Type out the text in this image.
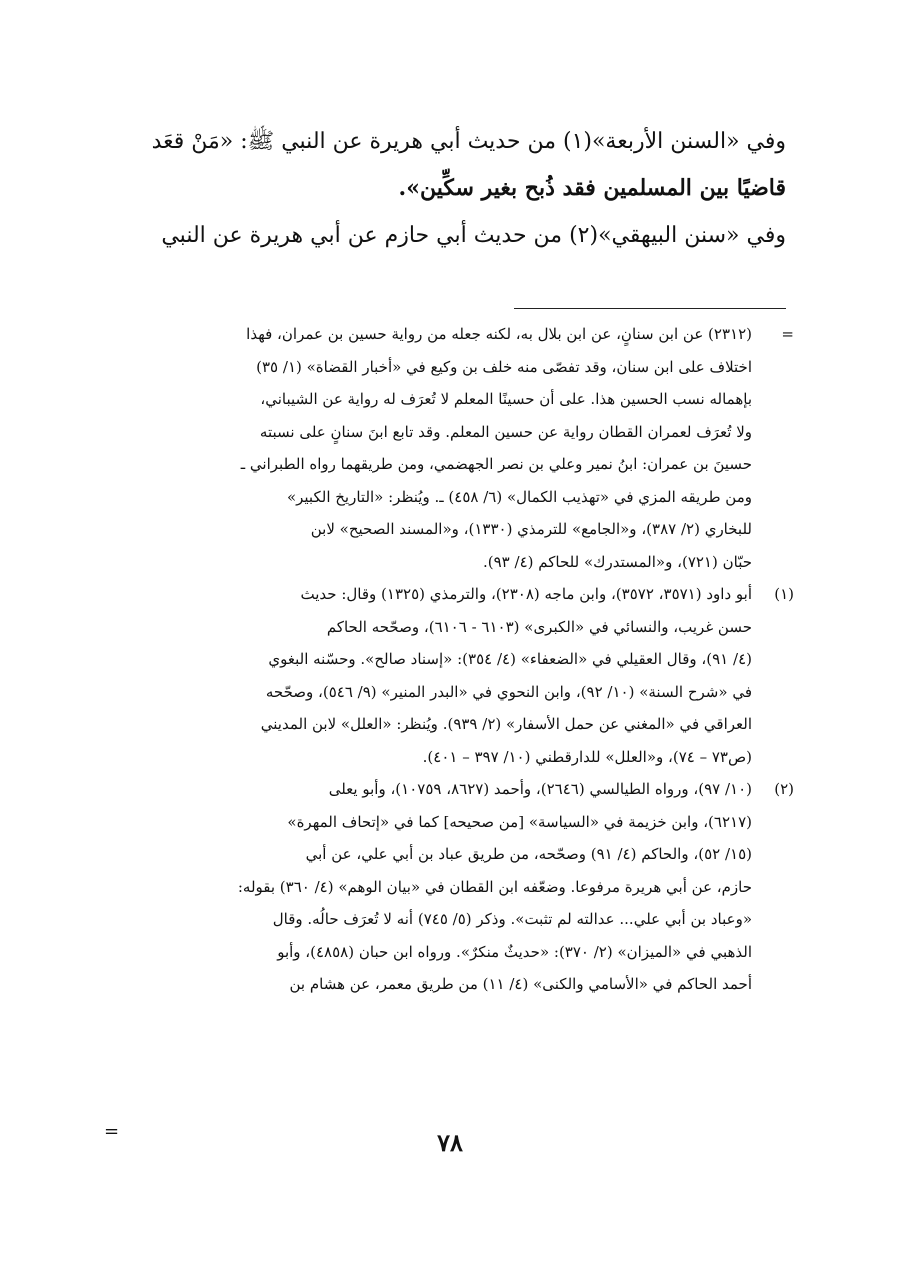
وفي «السنن الأربعة»(١) من حديث أبي هريرة عن النبي ﷺ: «مَنْ قعَد
قاضيًا بين المسلمين فقد ذُبح بغير سكِّين».
وفي «سنن البيهقي»(٢) من حديث أبي حازم عن أبي هريرة عن النبي
=
(٢٣١٢) عن ابن سنانٍ، عن ابن بلال به، لكنه جعله من رواية حسين بن عمران، فهذا
اختلاف على ابن سنان، وقد تفصّى منه خلف بن وكيع في «أخبار القضاة» (١/ ٣٥)
بإهماله نسب الحسين هذا. على أن حسينًا المعلم لا تُعرَف له رواية عن الشيباني،
ولا تُعرَف لعمران القطان رواية عن حسين المعلم. وقد تابع ابنَ سنانٍ على نسبته
حسينَ بن عمران: ابنُ نمير وعلي بن نصر الجهضمي، ومن طريقهما رواه الطبراني ـ
ومن طريقه المزي في «تهذيب الكمال» (٦/ ٤٥٨) ـ. ويُنظر: «التاريخ الكبير»
للبخاري (٢/ ٣٨٧)، و«الجامع» للترمذي (١٣٣٠)، و«المسند الصحيح» لابن
حبّان (٧٢١)، و«المستدرك» للحاكم (٤/ ٩٣).
(١)
أبو داود (٣٥٧١، ٣٥٧٢)، وابن ماجه (٢٣٠٨)، والترمذي (١٣٢٥) وقال: حديث
حسن غريب، والنسائي في «الكبرى» (٦١٠٣ - ٦١٠٦)، وصحّحه الحاكم
(٤/ ٩١)، وقال العقيلي في «الضعفاء» (٤/ ٣٥٤): «إسناد صالح». وحسّنه البغوي
في «شرح السنة» (١٠/ ٩٢)، وابن النحوي في «البدر المنير» (٩/ ٥٤٦)، وصحّحه
العراقي في «المغني عن حمل الأسفار» (٢/ ٩٣٩). ويُنظر: «العلل» لابن المديني
(ص٧٣ – ٧٤)، و«العلل» للدارقطني (١٠/ ٣٩٧ – ٤٠١).
(٢)
(١٠/ ٩٧)، ورواه الطيالسي (٢٦٤٦)، وأحمد (٨٦٢٧، ١٠٧٥٩)، وأبو يعلى
(٦٢١٧)، وابن خزيمة في «السياسة» [من صحيحه] كما في «إتحاف المهرة»
(١٥/ ٥٢)، والحاكم (٤/ ٩١) وصحّحه، من طريق عباد بن أبي علي، عن أبي
حازم، عن أبي هريرة مرفوعا. وضعّفه ابن القطان في «بيان الوهم» (٤/ ٣٦٠) بقوله:
«وعباد بن أبي علي... عدالته لم تثبت». وذكر (٥/ ٧٤٥) أنه لا تُعرَف حالُه. وقال
الذهبي في «الميزان» (٢/ ٣٧٠): «حديثٌ منكرٌ». ورواه ابن حبان (٤٨٥٨)، وأبو
أحمد الحاكم في «الأسامي والكنى» (٤/ ١١) من طريق معمر، عن هشام بن
=	٧٨
